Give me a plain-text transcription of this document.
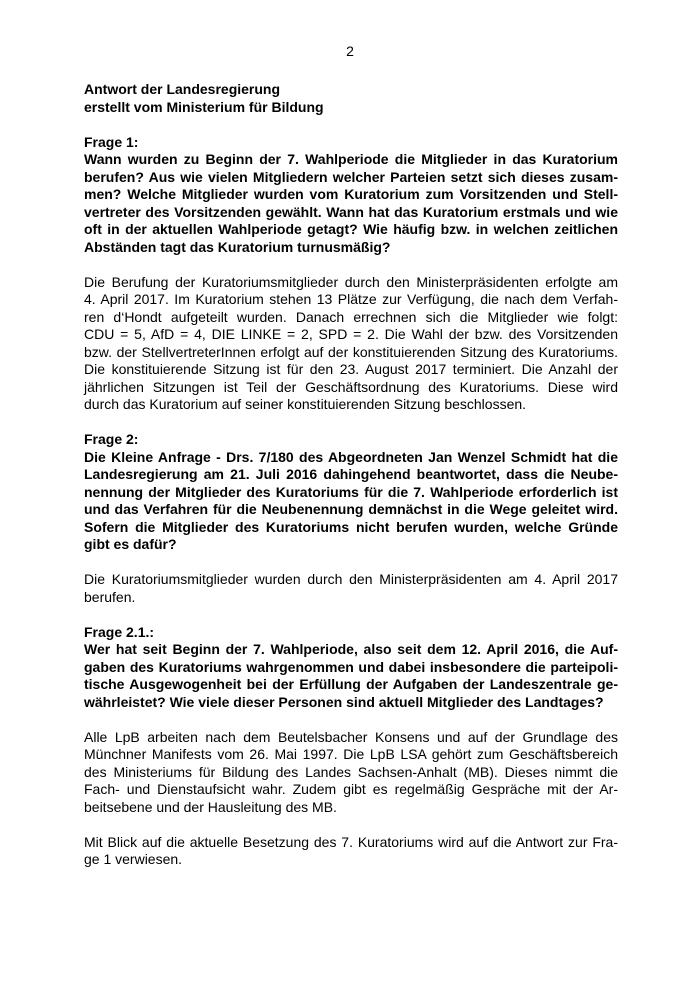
2

Antwort der Landesregierung
erstellt vom Ministerium für Bildung

Frage 1:
Wann wurden zu Beginn der 7. Wahlperiode die Mitglieder in das Kuratorium
berufen? Aus wie vielen Mitgliedern welcher Parteien setzt sich dieses zusam-
men? Welche Mitglieder wurden vom Kuratorium zum Vorsitzenden und Stell-
vertreter des Vorsitzenden gewählt. Wann hat das Kuratorium erstmals und wie
oft in der aktuellen Wahlperiode getagt? Wie häufig bzw. in welchen zeitlichen
Abständen tagt das Kuratorium turnusmäßig?

Die Berufung der Kuratoriumsmitglieder durch den Ministerpräsidenten erfolgte am
4. April 2017. Im Kuratorium stehen 13 Plätze zur Verfügung, die nach dem Verfah-
ren d‘Hondt aufgeteilt wurden. Danach errechnen sich die Mitglieder wie folgt:
CDU = 5, AfD = 4, DIE LINKE = 2, SPD = 2. Die Wahl der bzw. des Vorsitzenden
bzw. der StellvertreterInnen erfolgt auf der konstituierenden Sitzung des Kuratoriums.
Die konstituierende Sitzung ist für den 23. August 2017 terminiert. Die Anzahl der
jährlichen Sitzungen ist Teil der Geschäftsordnung des Kuratoriums. Diese wird
durch das Kuratorium auf seiner konstituierenden Sitzung beschlossen.

Frage 2:
Die Kleine Anfrage - Drs. 7/180 des Abgeordneten Jan Wenzel Schmidt hat die
Landesregierung am 21. Juli 2016 dahingehend beantwortet, dass die Neube-
nennung der Mitglieder des Kuratoriums für die 7. Wahlperiode erforderlich ist
und das Verfahren für die Neubenennung demnächst in die Wege geleitet wird.
Sofern die Mitglieder des Kuratoriums nicht berufen wurden, welche Gründe
gibt es dafür?

Die Kuratoriumsmitglieder wurden durch den Ministerpräsidenten am 4. April 2017
berufen.

Frage 2.1.:
Wer hat seit Beginn der 7. Wahlperiode, also seit dem 12. April 2016, die Auf-
gaben des Kuratoriums wahrgenommen und dabei insbesondere die parteipoli-
tische Ausgewogenheit bei der Erfüllung der Aufgaben der Landeszentrale ge-
währleistet? Wie viele dieser Personen sind aktuell Mitglieder des Landtages?

Alle LpB arbeiten nach dem Beutelsbacher Konsens und auf der Grundlage des
Münchner Manifests vom 26. Mai 1997. Die LpB LSA gehört zum Geschäftsbereich
des Ministeriums für Bildung des Landes Sachsen-Anhalt (MB). Dieses nimmt die
Fach- und Dienstaufsicht wahr. Zudem gibt es regelmäßig Gespräche mit der Ar-
beitsebene und der Hausleitung des MB.

Mit Blick auf die aktuelle Besetzung des 7. Kuratoriums wird auf die Antwort zur Fra-
ge 1 verwiesen.
